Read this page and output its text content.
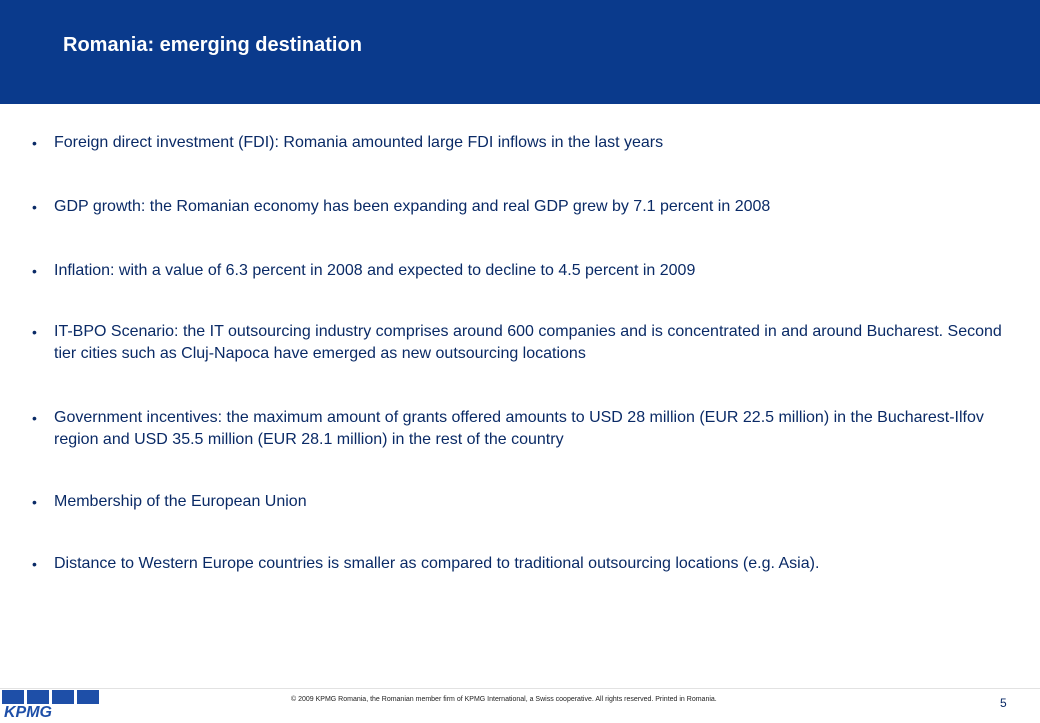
Romania: emerging destination
•	Foreign direct investment (FDI): Romania amounted large FDI inflows in the last years
•	GDP growth: the Romanian economy has been expanding and real GDP grew by 7.1 percent in 2008
•	Inflation: with a value of 6.3 percent in 2008 and expected to decline to 4.5 percent in 2009
•	IT-BPO Scenario: the IT outsourcing industry comprises around 600 companies and is concentrated in and around Bucharest. Second tier cities such as Cluj-Napoca have emerged as new outsourcing locations
•	Government incentives: the maximum amount of grants offered amounts to USD 28 million (EUR 22.5 million) in the Bucharest-Ilfov region and USD 35.5 million (EUR 28.1 million) in the rest of the country
•	Membership of the European Union
•	Distance to Western Europe countries is smaller as compared to traditional outsourcing locations (e.g. Asia).
KPMG
© 2009 KPMG Romania, the Romanian member firm of KPMG International, a Swiss cooperative. All rights reserved. Printed in Romania.	5
